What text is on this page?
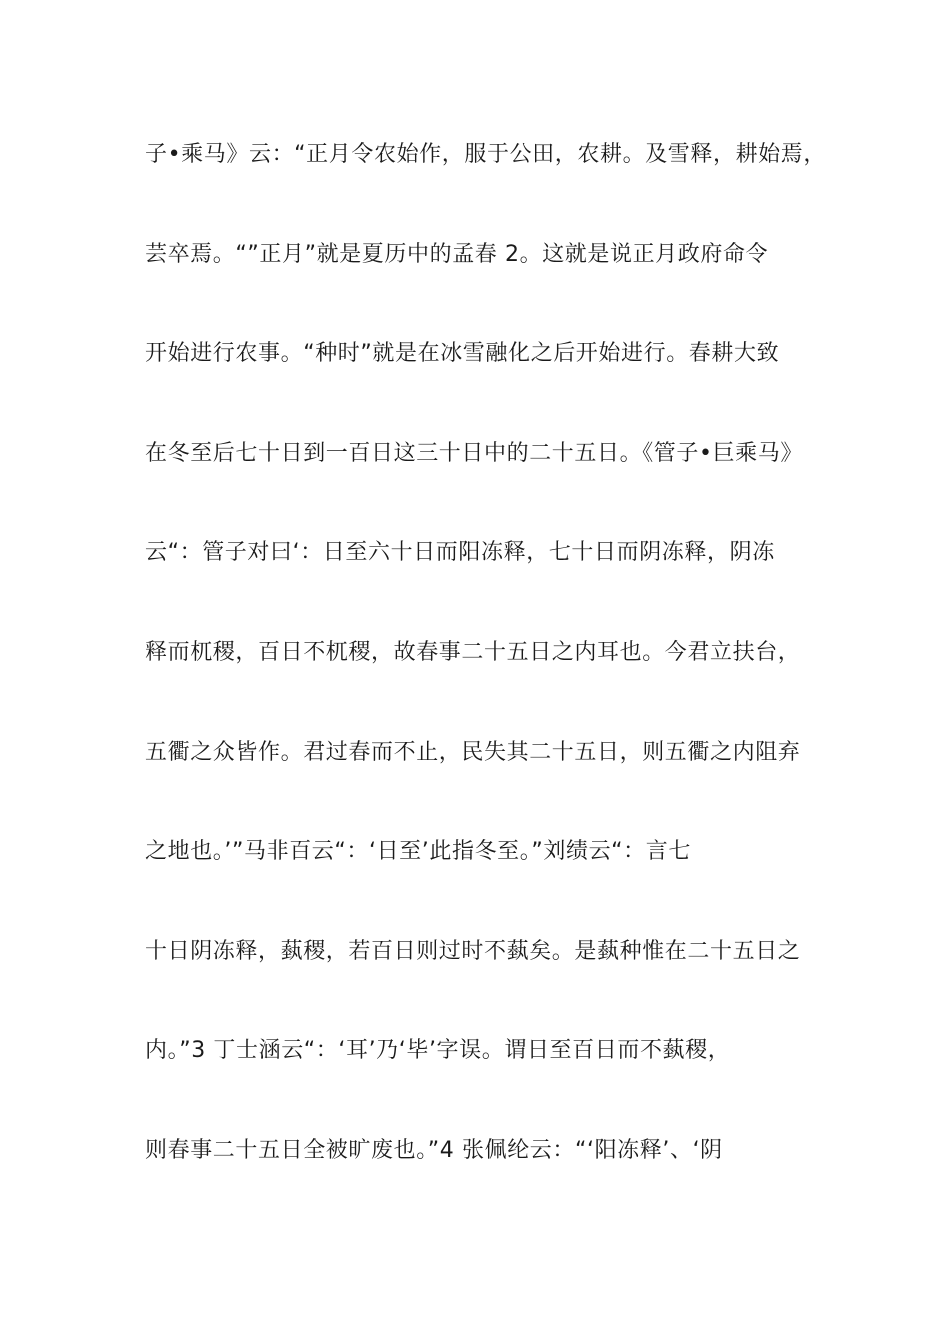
子•乘马》云：“正月令农始作，服于公田，农耕。及雪释，耕始焉，
芸卒焉。“”正月”就是夏历中的孟春 2。这就是说正月政府命令
开始进行农事。“种时”就是在冰雪融化之后开始进行。春耕大致
在冬至后七十日到一百日这三十日中的二十五日。《管子•巨乘马》
云“：管子对曰‘：日至六十日而阳冻释，七十日而阴冻释，阴冻
释而杌稷，百日不杌稷，故春事二十五日之内耳也。今君立扶台，
五衢之众皆作。君过春而不止，民失其二十五日，则五衢之内阻弃
之地也。’”马非百云“：‘日至’此指冬至。”刘绩云“：言七
十日阴冻释，蓺稷，若百日则过时不蓺矣。是蓺种惟在二十五日之
内。”3 丁士涵云“：‘耳’乃‘毕’字误。谓日至百日而不蓺稷，
则春事二十五日全被旷废也。”4 张佩纶云：“‘阳冻释’、‘阴
